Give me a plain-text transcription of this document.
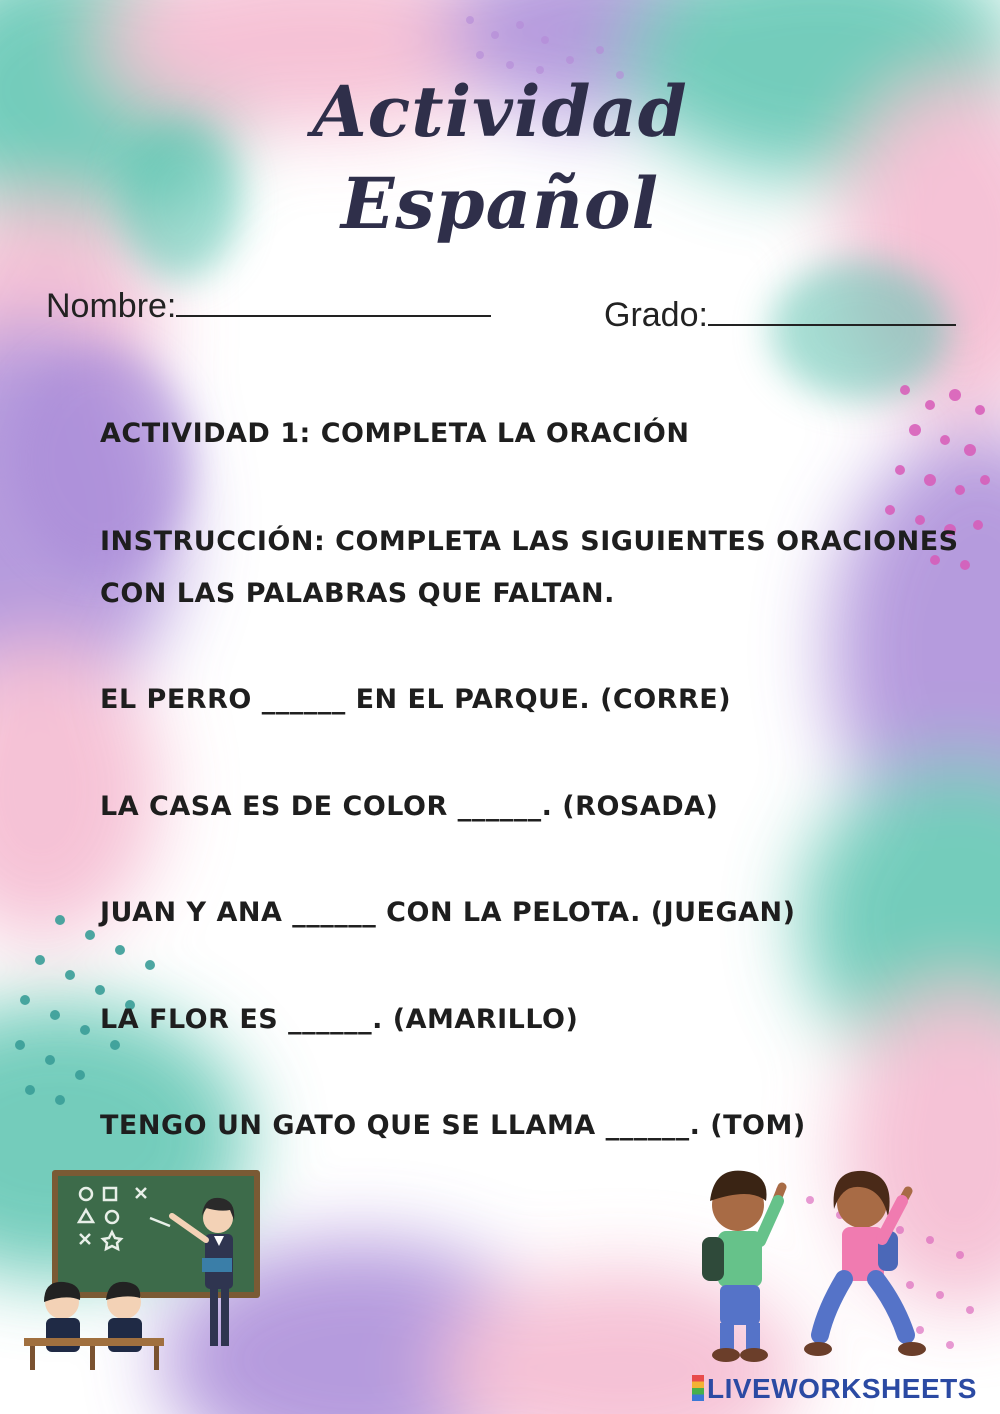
Actividad
Español
Nombre:	Grado:
ACTIVIDAD 1: COMPLETA LA ORACIÓN
INSTRUCCIÓN: COMPLETA LAS SIGUIENTES ORACIONES
CON LAS PALABRAS QUE FALTAN.
EL PERRO ______ EN EL PARQUE. (CORRE)
LA CASA ES DE COLOR ______. (ROSADA)
JUAN Y ANA ______ CON LA PELOTA. (JUEGAN)
LA FLOR ES ______. (AMARILLO)
TENGO UN GATO QUE SE LLAMA ______. (TOM)
LIVEWORKSHEETS
